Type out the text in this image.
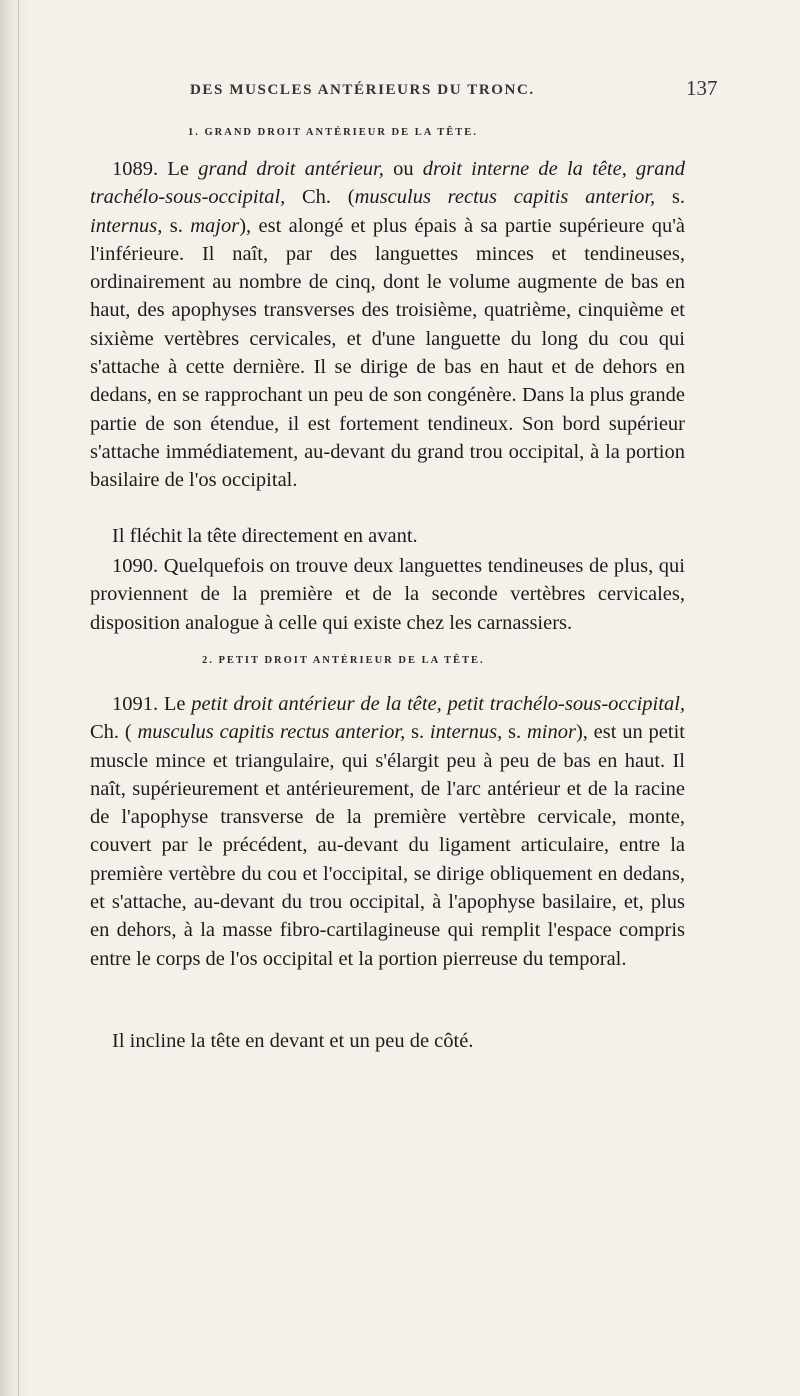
DES MUSCLES ANTÉRIEURS DU TRONC.	137
1. GRAND DROIT ANTÉRIEUR DE LA TÊTE.

1089. Le grand droit antérieur, ou droit interne de la tête, grand trachélo-sous-occipital, Ch. (musculus rectus capitis anterior, s. internus, s. major), est alongé et plus épais à sa partie supérieure qu'à l'inférieure. Il naît, par des languettes minces et tendineuses, ordinairement au nombre de cinq, dont le volume augmente de bas en haut, des apophyses transverses des troisième, quatrième, cinquième et sixième vertèbres cervicales, et d'une languette du long du cou qui s'attache à cette dernière. Il se dirige de bas en haut et de dehors en dedans, en se rapprochant un peu de son congénère. Dans la plus grande partie de son étendue, il est fortement tendineux. Son bord supérieur s'attache immédiatement, au-devant du grand trou occipital, à la portion basilaire de l'os occipital.

Il fléchit la tête directement en avant.

1090. Quelquefois on trouve deux languettes tendineuses de plus, qui proviennent de la première et de la seconde vertèbres cervicales, disposition analogue à celle qui existe chez les carnassiers.

2. PETIT DROIT ANTÉRIEUR DE LA TÊTE.

1091. Le petit droit antérieur de la tête, petit trachélo-sous-occipital, Ch. ( musculus capitis rectus anterior, s. internus, s. minor), est un petit muscle mince et triangulaire, qui s'élargit peu à peu de bas en haut. Il naît, supérieurement et antérieurement, de l'arc antérieur et de la racine de l'apophyse transverse de la première vertèbre cervicale, monte, couvert par le précédent, au-devant du ligament articulaire, entre la première vertèbre du cou et l'occipital, se dirige obliquement en dedans, et s'attache, au-devant du trou occipital, à l'apophyse basilaire, et, plus en dehors, à la masse fibro-cartilagineuse qui remplit l'espace compris entre le corps de l'os occipital et la portion pierreuse du temporal.

Il incline la tête en devant et un peu de côté.
